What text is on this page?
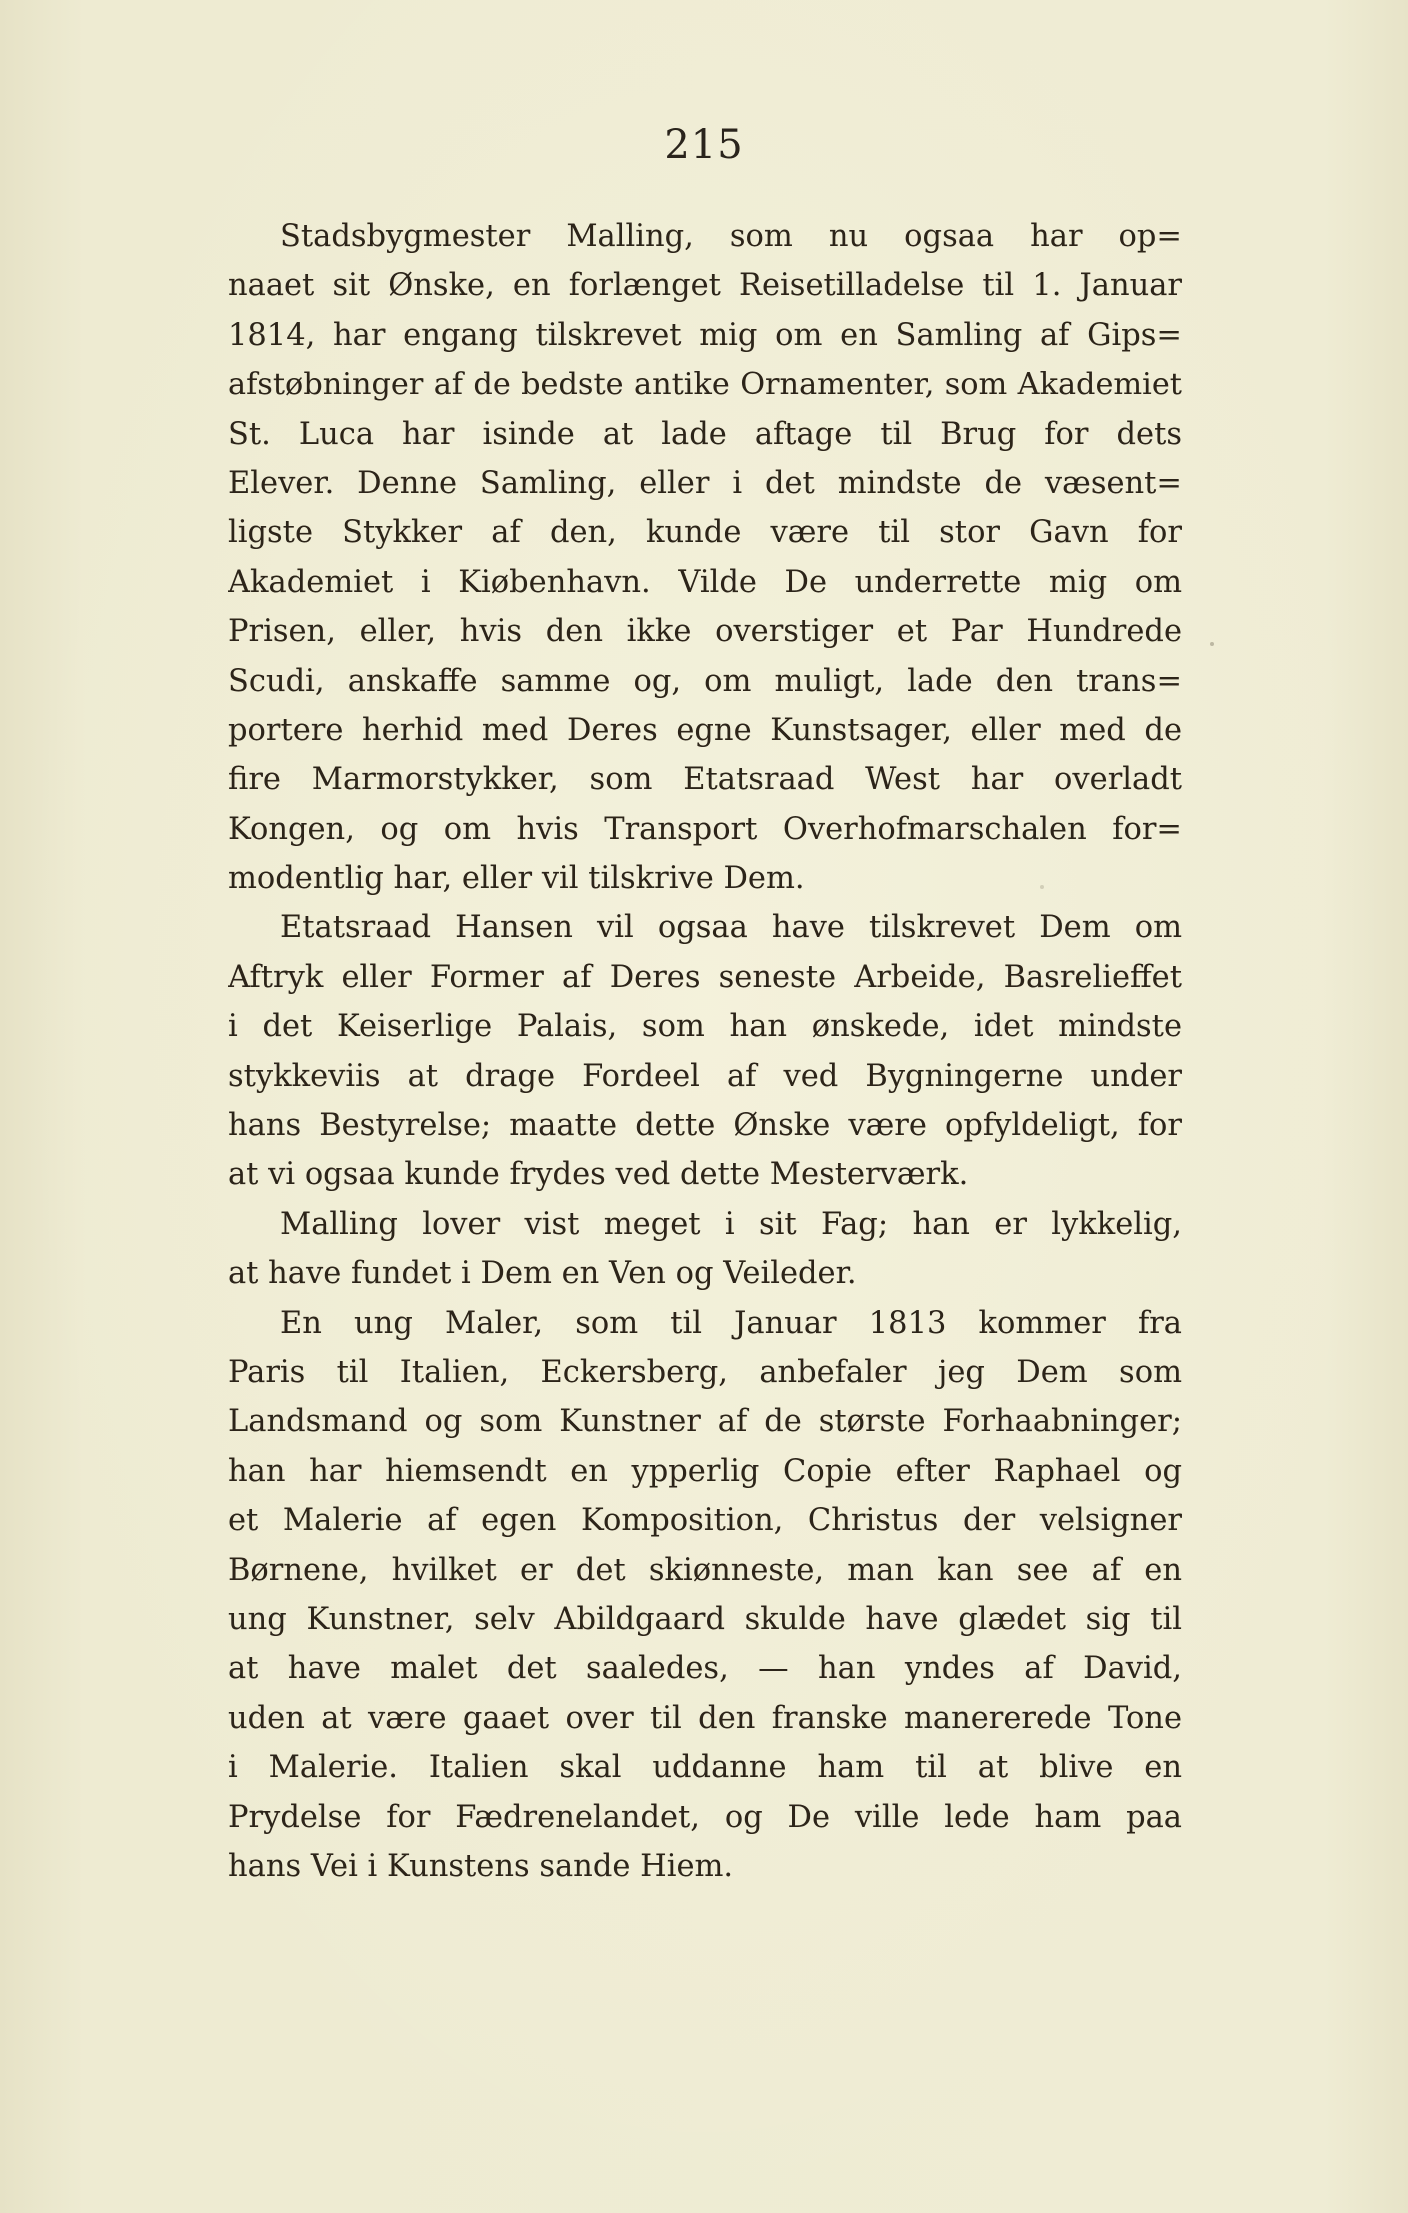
215
Stadsbygmester Malling, som nu ogsaa har op=
naaet sit Ønske, en forlænget Reisetilladelse til 1. Januar
1814, har engang tilskrevet mig om en Samling af Gips=
afstøbninger af de bedste antike Ornamenter, som Akademiet
St. Luca har isinde at lade aftage til Brug for dets
Elever. Denne Samling, eller i det mindste de væsent=
ligste Stykker af den, kunde være til stor Gavn for
Akademiet i Kiøbenhavn. Vilde De underrette mig om
Prisen, eller, hvis den ikke overstiger et Par Hundrede
Scudi, anskaffe samme og, om muligt, lade den trans=
portere herhid med Deres egne Kunstsager, eller med de
fire Marmorstykker, som Etatsraad West har overladt
Kongen, og om hvis Transport Overhofmarschalen for=
modentlig har, eller vil tilskrive Dem.
Etatsraad Hansen vil ogsaa have tilskrevet Dem om
Aftryk eller Former af Deres seneste Arbeide, Basrelieffet
i det Keiserlige Palais, som han ønskede, idet mindste
stykkeviis at drage Fordeel af ved Bygningerne under
hans Bestyrelse; maatte dette Ønske være opfyldeligt, for
at vi ogsaa kunde frydes ved dette Mesterværk.
Malling lover vist meget i sit Fag; han er lykkelig,
at have fundet i Dem en Ven og Veileder.
En ung Maler, som til Januar 1813 kommer fra
Paris til Italien, Eckersberg, anbefaler jeg Dem som
Landsmand og som Kunstner af de største Forhaabninger;
han har hiemsendt en ypperlig Copie efter Raphael og
et Malerie af egen Komposition, Christus der velsigner
Børnene, hvilket er det skiønneste, man kan see af en
ung Kunstner, selv Abildgaard skulde have glædet sig til
at have malet det saaledes, — han yndes af David,
uden at være gaaet over til den franske manererede Tone
i Malerie. Italien skal uddanne ham til at blive en
Prydelse for Fædrenelandet, og De ville lede ham paa
hans Vei i Kunstens sande Hiem.
